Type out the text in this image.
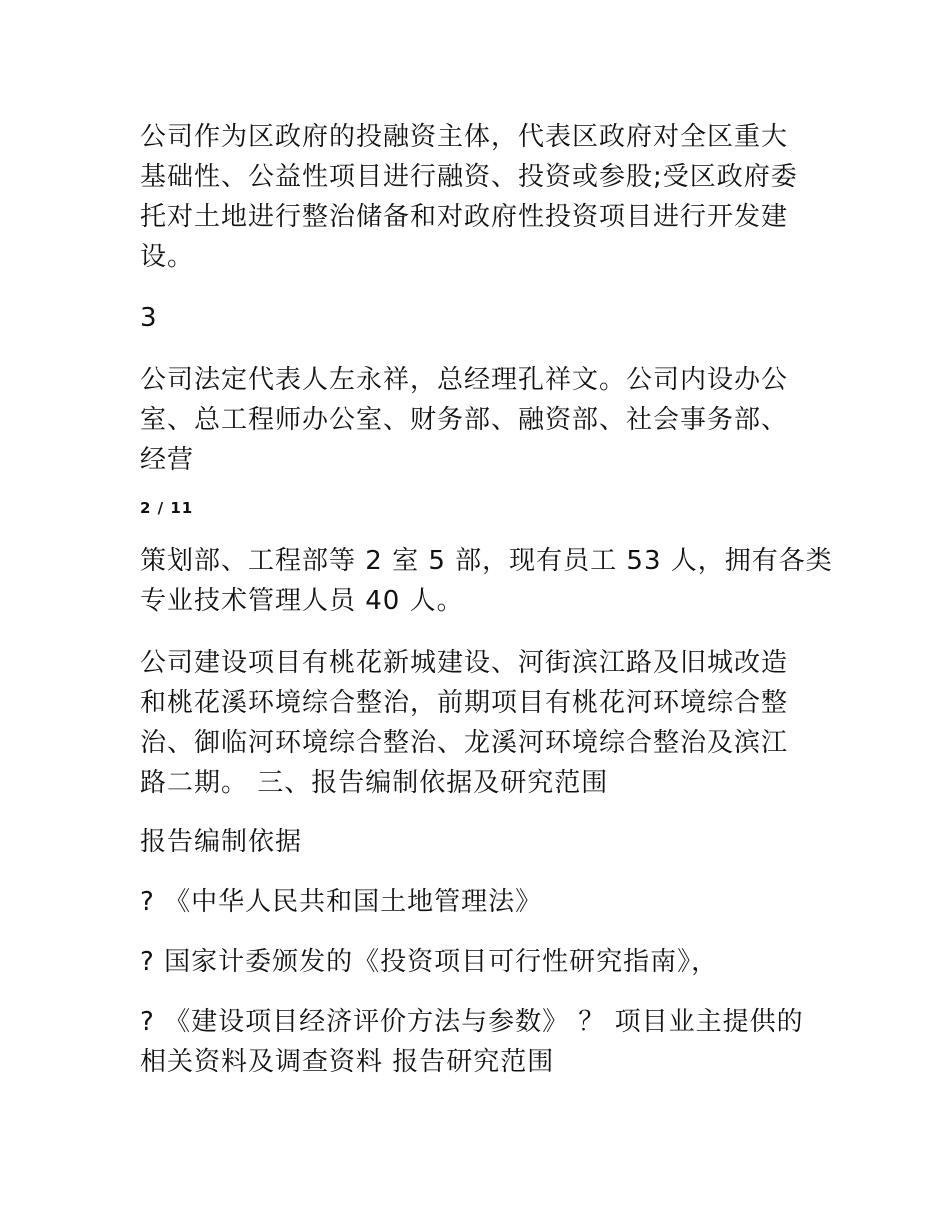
公司作为区政府的投融资主体，代表区政府对全区重大
基础性、公益性项目进行融资、投资或参股;受区政府委
托对土地进行整治储备和对政府性投资项目进行开发建
设。

3

公司法定代表人左永祥，总经理孔祥文。公司内设办公
室、总工程师办公室、财务部、融资部、社会事务部、
经营

2 / 11

策划部、工程部等 2 室 5 部，现有员工 53 人，拥有各类
专业技术管理人员 40 人。

公司建设项目有桃花新城建设、河街滨江路及旧城改造
和桃花溪环境综合整治，前期项目有桃花河环境综合整
治、御临河环境综合整治、龙溪河环境综合整治及滨江
路二期。 三、报告编制依据及研究范围

报告编制依据

? 《中华人民共和国土地管理法》

? 国家计委颁发的《投资项目可行性研究指南》，

? 《建设项目经济评价方法与参数》 ？ 项目业主提供的
相关资料及调查资料 报告研究范围
